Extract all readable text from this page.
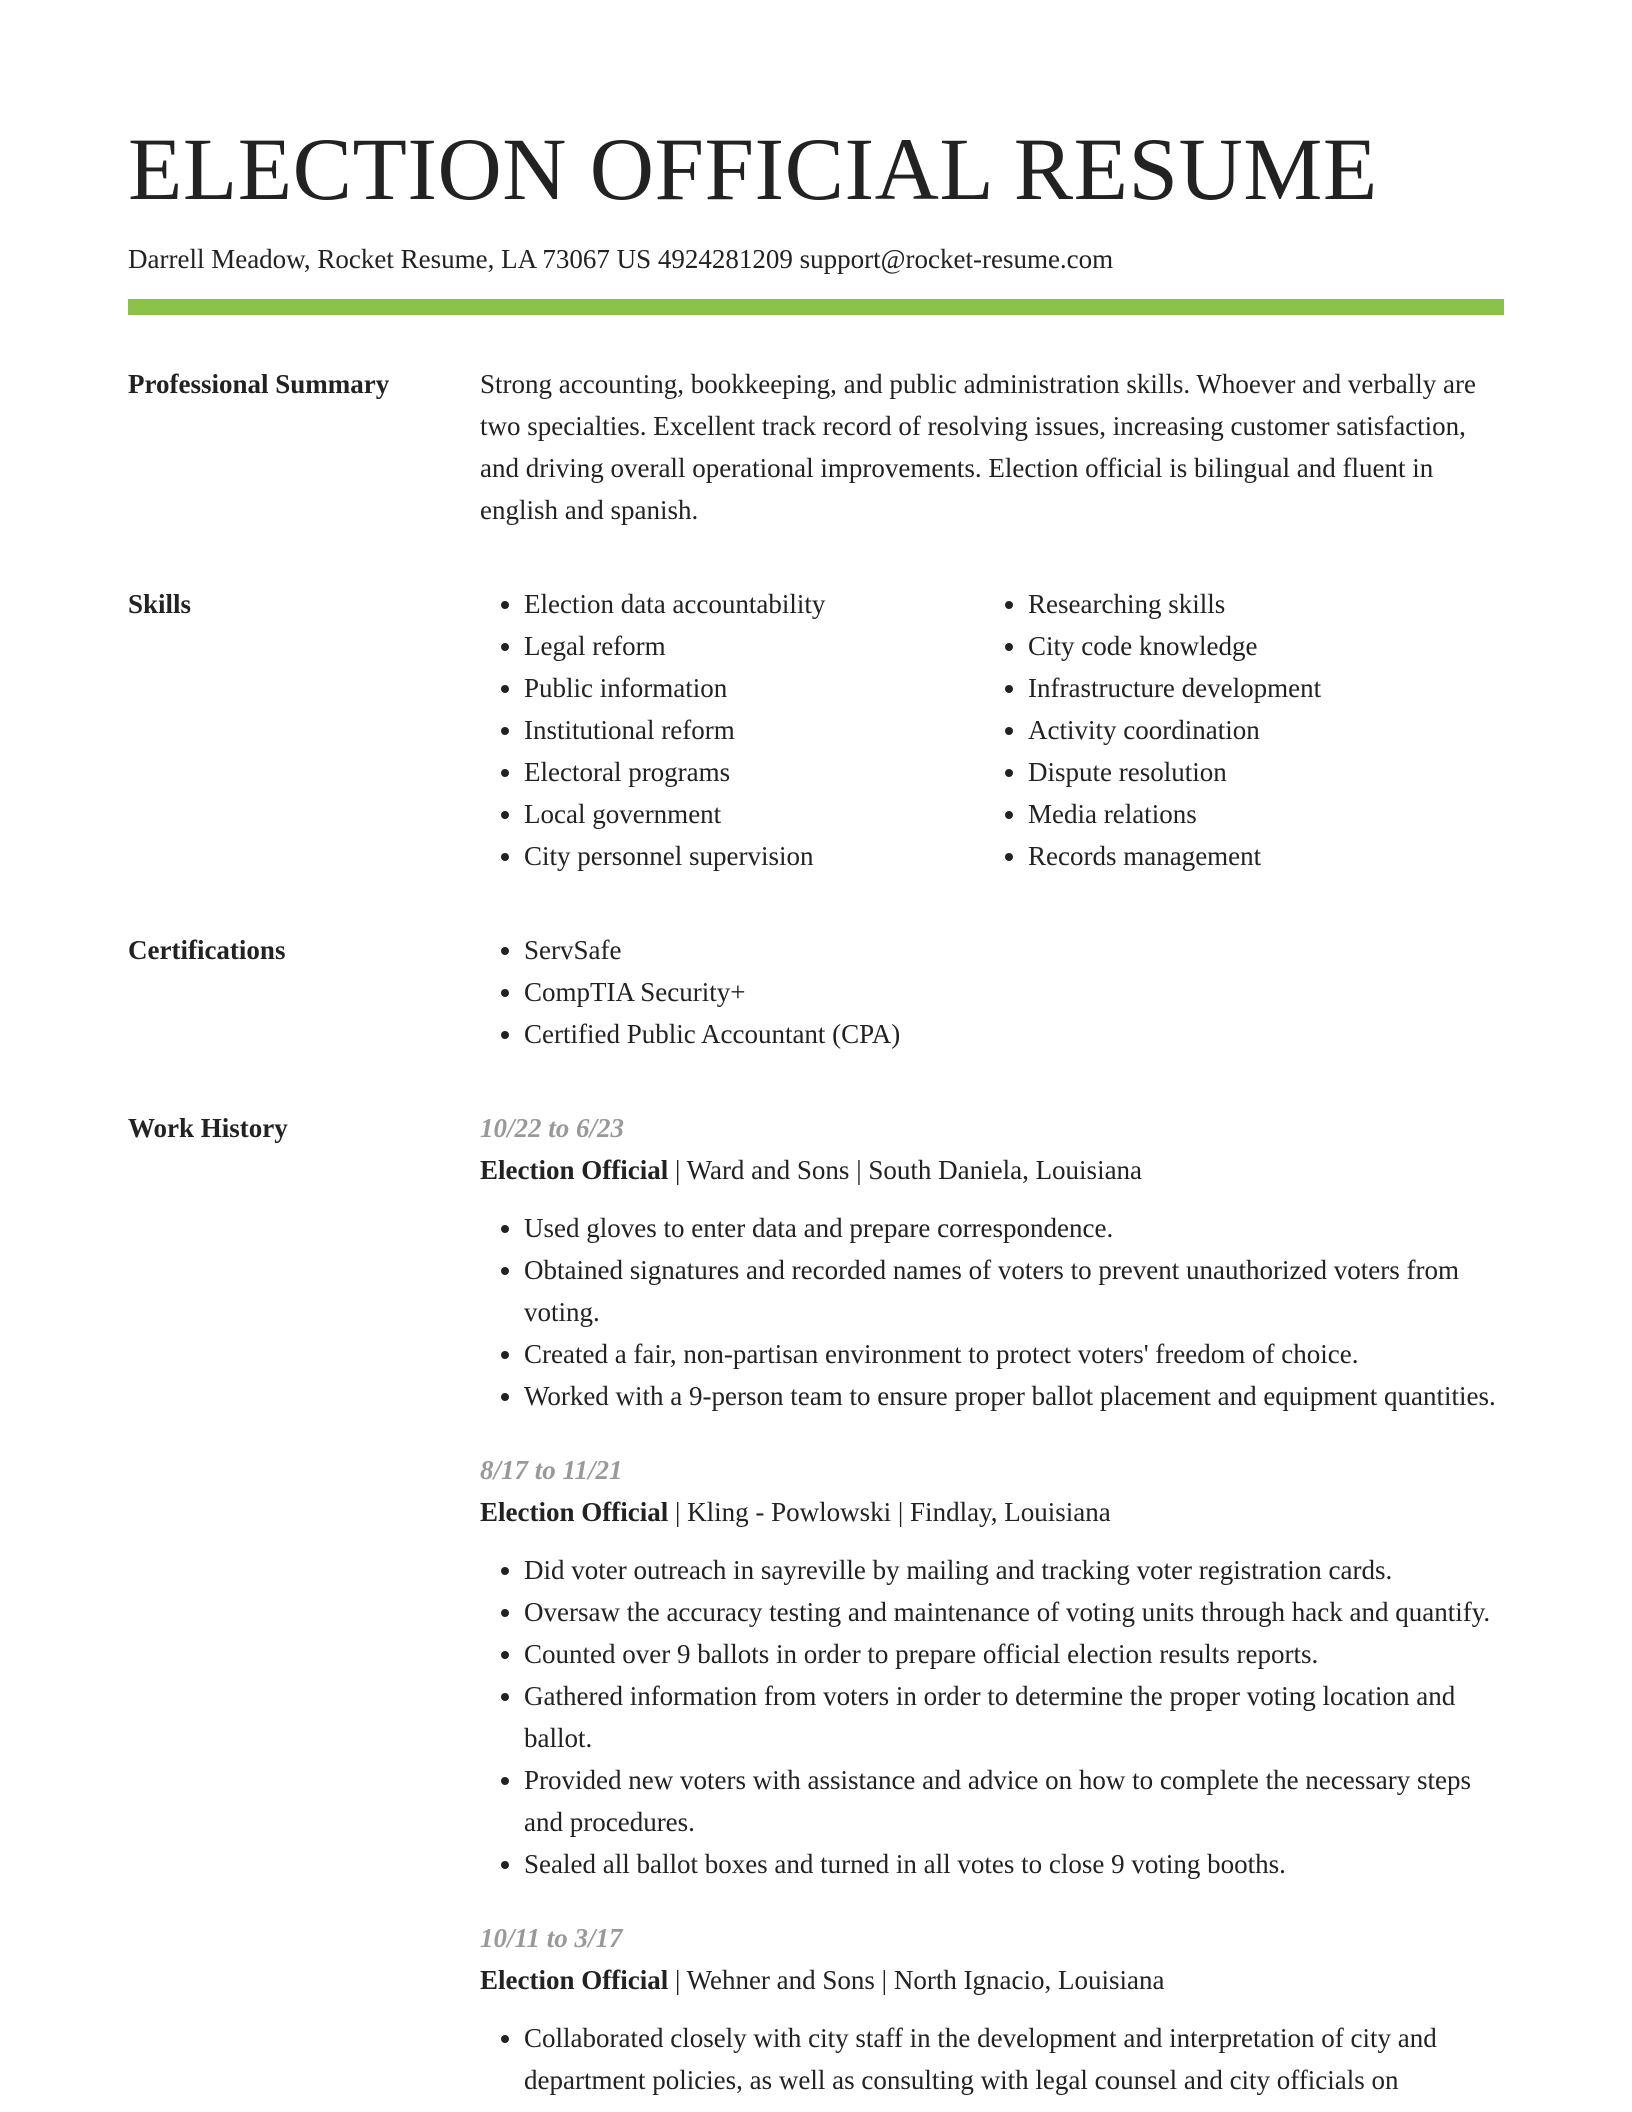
ELECTION OFFICIAL RESUME
Darrell Meadow, Rocket Resume, LA 73067 US 4924281209 support@rocket-resume.com
Professional Summary	Strong accounting, bookkeeping, and public administration skills. Whoever and verbally are two specialties. Excellent track record of resolving issues, increasing customer satisfaction, and driving overall operational improvements. Election official is bilingual and fluent in english and spanish.

Skills	• Election data accountability
• Legal reform
• Public information
• Institutional reform
• Electoral programs
• Local government
• City personnel supervision
• Researching skills
• City code knowledge
• Infrastructure development
• Activity coordination
• Dispute resolution
• Media relations
• Records management
Certifications	• ServSafe
• CompTIA Security+
• Certified Public Accountant (CPA)
Work History	10/22 to 6/23
Election Official | Ward and Sons | South Daniela, Louisiana
• Used gloves to enter data and prepare correspondence.
• Obtained signatures and recorded names of voters to prevent unauthorized voters from voting.
• Created a fair, non-partisan environment to protect voters' freedom of choice.
• Worked with a 9-person team to ensure proper ballot placement and equipment quantities.
8/17 to 11/21
Election Official | Kling - Powlowski | Findlay, Louisiana
• Did voter outreach in sayreville by mailing and tracking voter registration cards.
• Oversaw the accuracy testing and maintenance of voting units through hack and quantify.
• Counted over 9 ballots in order to prepare official election results reports.
• Gathered information from voters in order to determine the proper voting location and ballot.
• Provided new voters with assistance and advice on how to complete the necessary steps and procedures.
• Sealed all ballot boxes and turned in all votes to close 9 voting booths.
10/11 to 3/17
Election Official | Wehner and Sons | North Ignacio, Louisiana
• Collaborated closely with city staff in the development and interpretation of city and department policies, as well as consulting with legal counsel and city officials on
